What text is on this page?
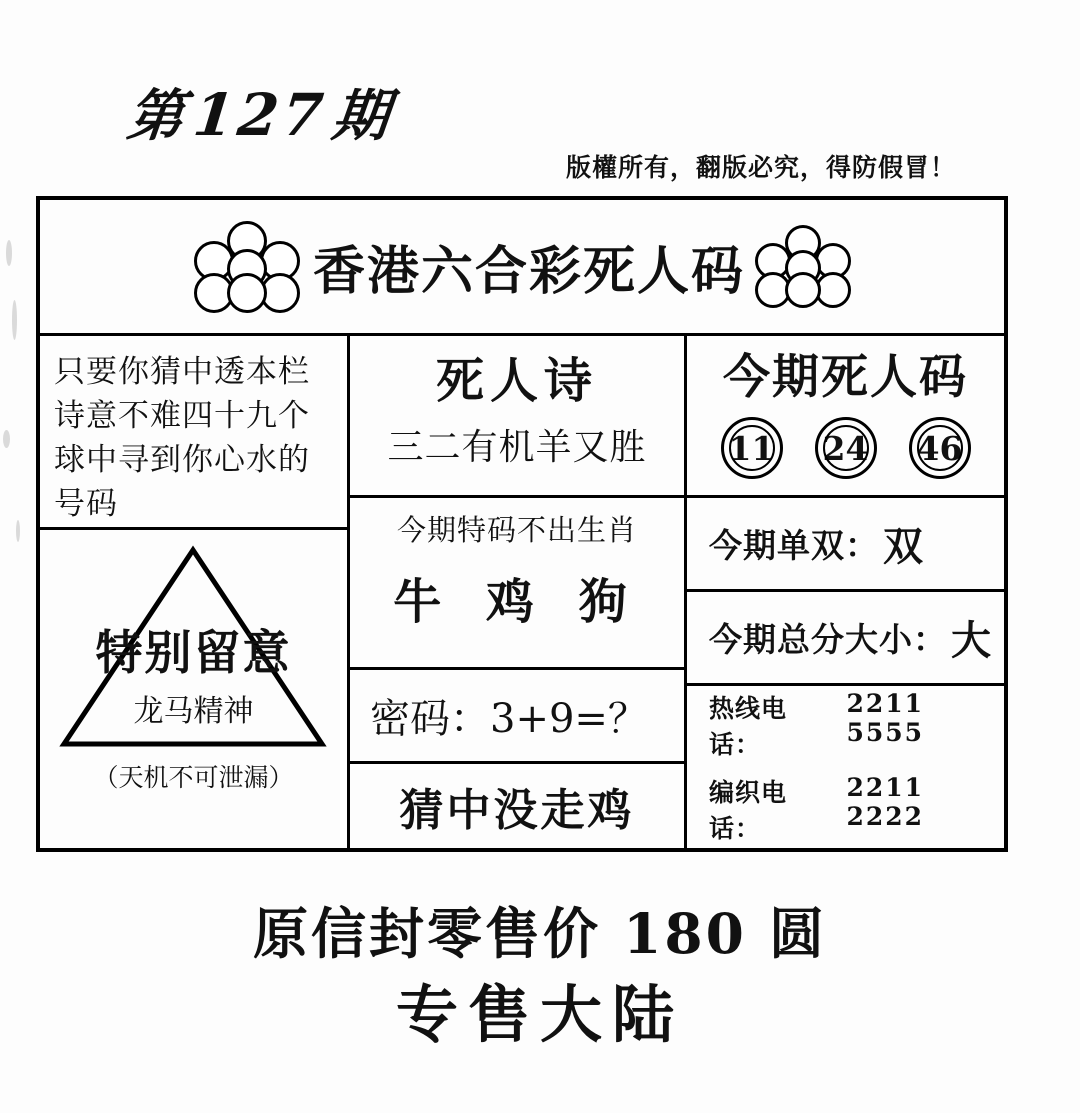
第127期
版權所有，翻版必究，得防假冒！
香港六合彩死人码
只要你猜中透本栏诗意不难四十九个球中寻到你心水的号码
特别留意
龙马精神
（天机不可泄漏）
死人诗
三二有机羊又胜
今期特码不出生肖
牛 鸡 狗
密码：3+9=？
猜中没走鸡
今期死人码
11 24 46
今期单双： 双
今期总分大小： 大
热线电话：
2211 5555
编织电话：
2211 2222
原信封零售价 180 圆
专售大陆
